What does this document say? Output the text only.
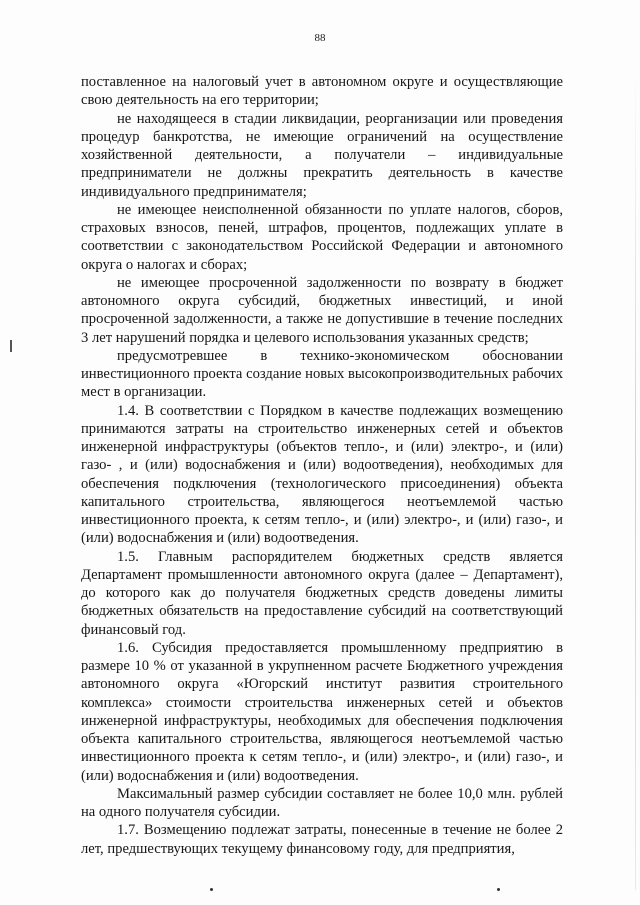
88

поставленное на налоговый учет в автономном округе и осуществляющие свою деятельность на его территории;

не находящееся в стадии ликвидации, реорганизации или проведения процедур банкротства, не имеющие ограничений на осуществление хозяйственной деятельности, а получатели – индивидуальные предприниматели не должны прекратить деятельность в качестве индивидуального предпринимателя;

не имеющее неисполненной обязанности по уплате налогов, сборов, страховых взносов, пеней, штрафов, процентов, подлежащих уплате в соответствии с законодательством Российской Федерации и автономного округа о налогах и сборах;

не имеющее просроченной задолженности по возврату в бюджет автономного округа субсидий, бюджетных инвестиций, и иной просроченной задолженности, а также не допустившие в течение последних 3 лет нарушений порядка и целевого использования указанных средств;

предусмотревшее в технико-экономическом обосновании инвестиционного проекта создание новых высокопроизводительных рабочих мест в организации.

1.4. В соответствии с Порядком в качестве подлежащих возмещению принимаются затраты на строительство инженерных сетей и объектов инженерной инфраструктуры (объектов тепло-, и (или) электро-, и (или) газо- , и (или) водоснабжения и (или) водоотведения), необходимых для обеспечения подключения (технологического присоединения) объекта капитального строительства, являющегося неотъемлемой частью инвестиционного проекта, к сетям тепло-, и (или) электро-, и (или) газо-, и (или) водоснабжения и (или) водоотведения.

1.5. Главным распорядителем бюджетных средств является Департамент промышленности автономного округа (далее – Департамент), до которого как до получателя бюджетных средств доведены лимиты бюджетных обязательств на предоставление субсидий на соответствующий финансовый год.

1.6. Субсидия предоставляется промышленному предприятию в размере 10 % от указанной в укрупненном расчете Бюджетного учреждения автономного округа «Югорский институт развития строительного комплекса» стоимости строительства инженерных сетей и объектов инженерной инфраструктуры, необходимых для обеспечения подключения объекта капитального строительства, являющегося неотъемлемой частью инвестиционного проекта к сетям тепло-, и (или) электро-, и (или) газо-, и (или) водоснабжения и (или) водоотведения.

Максимальный размер субсидии составляет не более 10,0 млн. рублей на одного получателя субсидии.

1.7. Возмещению подлежат затраты, понесенные в течение не более 2 лет, предшествующих текущему финансовому году, для предприятия,
